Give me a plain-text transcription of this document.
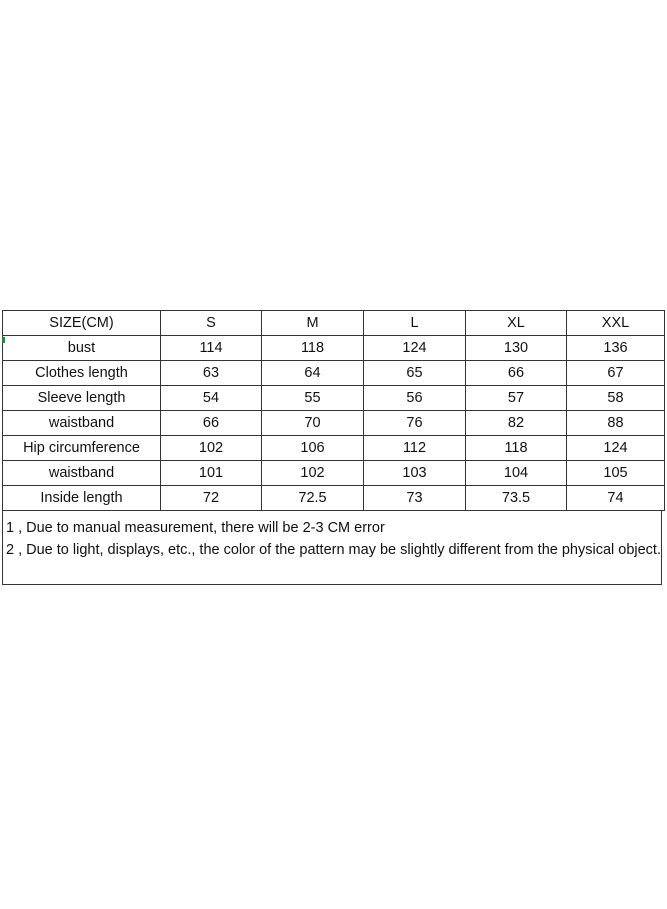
SIZE(CM)	S	M	L	XL	XXL
bust	114	118	124	130	136
Clothes length	63	64	65	66	67
Sleeve length	54	55	56	57	58
waistband	66	70	76	82	88
Hip circumference	102	106	112	118	124
waistband	101	102	103	104	105
Inside length	72	72.5	73	73.5	74

1 , Due to manual measurement, there will be 2-3 CM error

2 , Due to light, displays, etc., the color of the pattern may be slightly different from the physical object.
